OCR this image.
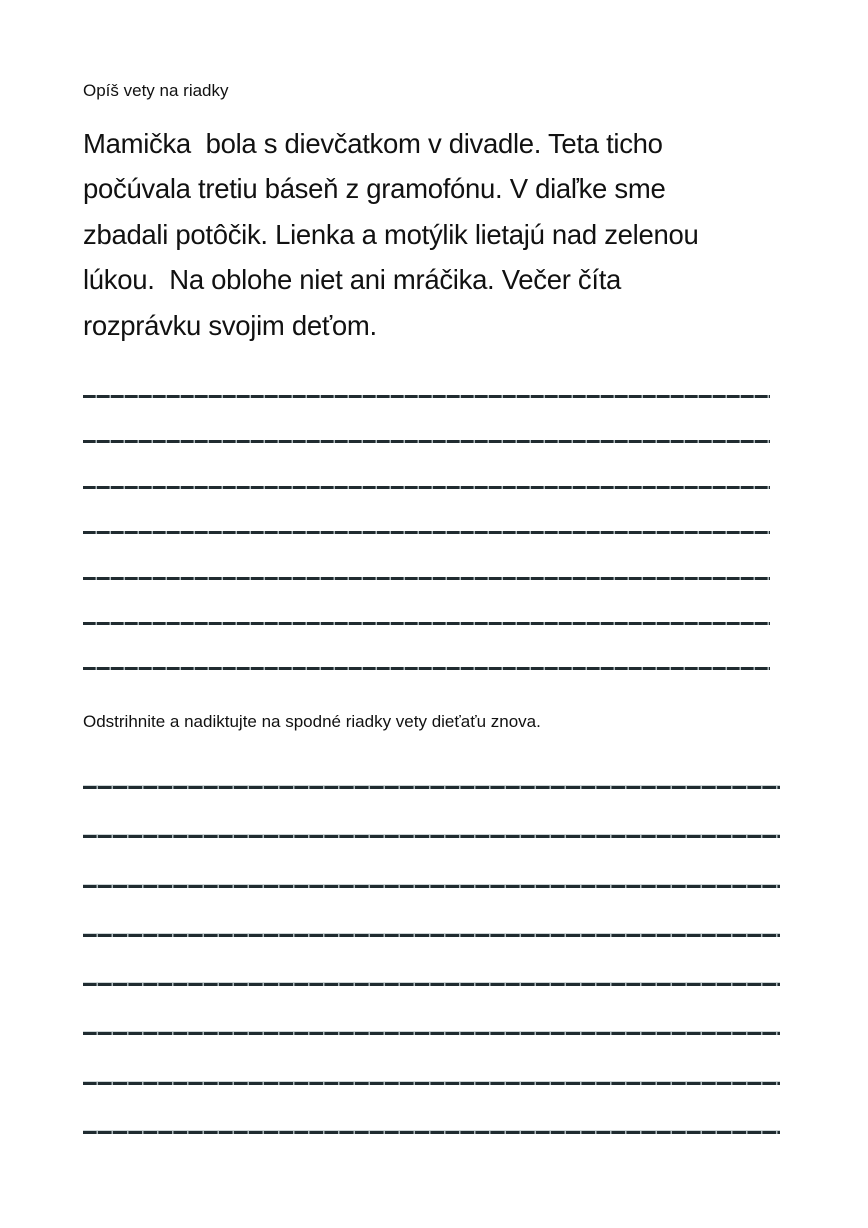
Opíš vety na riadky
Mamička  bola s dievčatkom v divadle. Teta ticho
počúvala tretiu báseň z gramofónu. V diaľke sme
zbadali potôčik. Lienka a motýlik lietajú nad zelenou
lúkou.  Na oblohe niet ani mráčika. Večer číta
rozprávku svojim deťom.
Odstrihnite a nadiktujte na spodné riadky vety dieťaťu znova.
